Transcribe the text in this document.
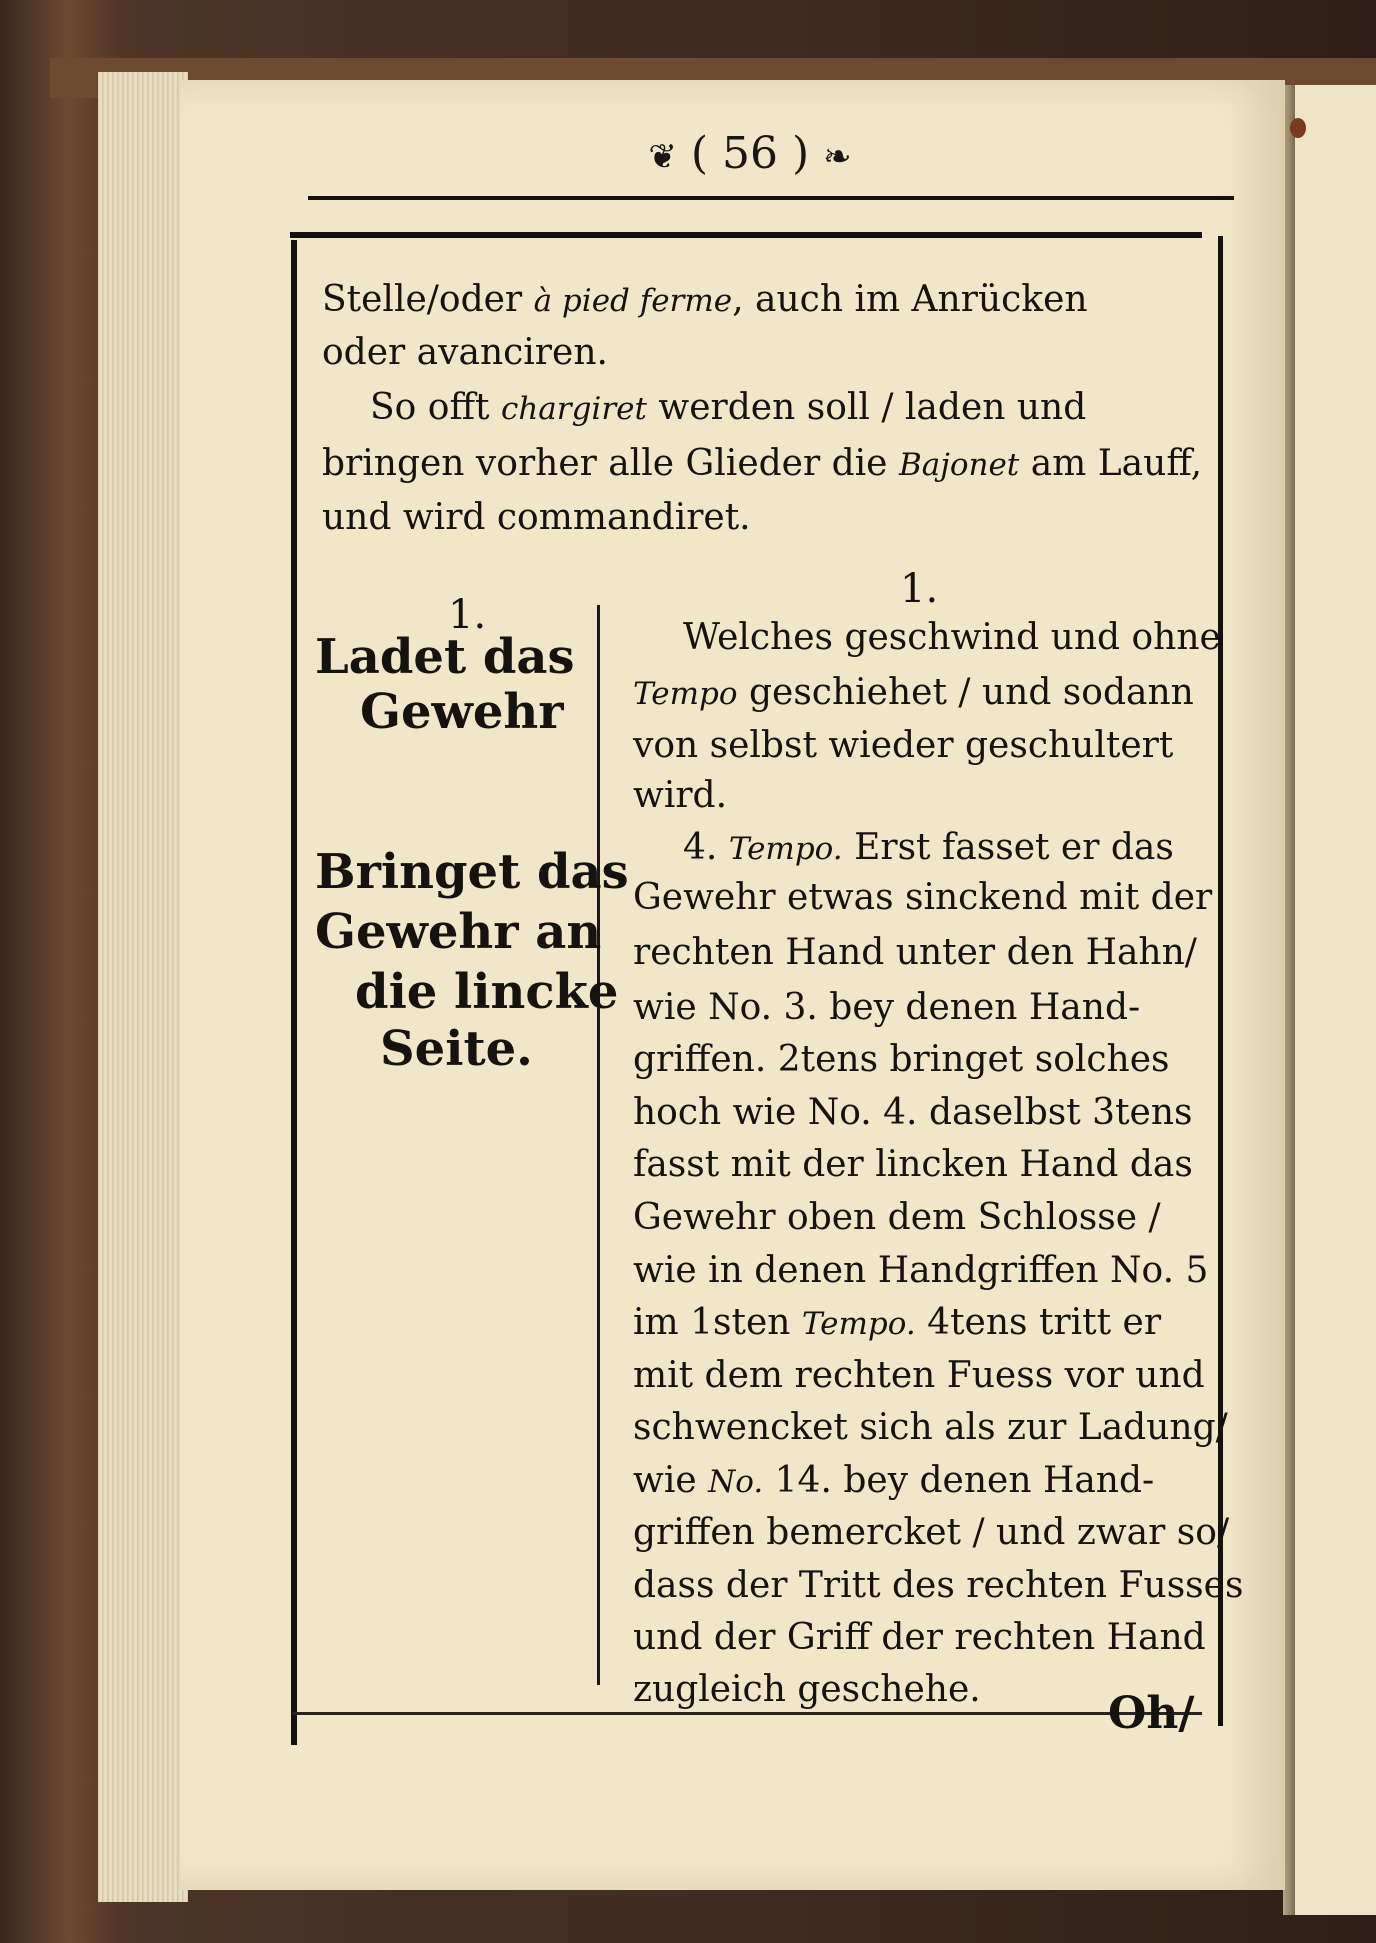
❦ ( 56 ) ❧
Stelle/oder à pied ferme, auch im Anrücken
oder avanciren.
So offt chargiret werden soll / laden und
bringen vorher alle Glieder die Bajonet am Lauff,
und wird commandiret.
1.
Ladet das
Gewehr
Bringet das
Gewehr an
die lincke
Seite.
1.
Welches geschwind und ohne
Tempo geschiehet / und sodann
von selbst wieder geschultert
wird.
4. Tempo. Erst fasset er das
Gewehr etwas sinckend mit der
rechten Hand unter den Hahn/
wie No. 3. bey denen Hand-
griffen. 2tens bringet solches
hoch wie No. 4. daselbst 3tens
fasst mit der lincken Hand das
Gewehr oben dem Schlosse /
wie in denen Handgriffen No. 5
im 1sten Tempo. 4tens tritt er
mit dem rechten Fuess vor und
schwencket sich als zur Ladung/
wie No. 14. bey denen Hand-
griffen bemercket / und zwar so/
dass der Tritt des rechten Fusses
und der Griff der rechten Hand
zugleich geschehe.	Oh/
